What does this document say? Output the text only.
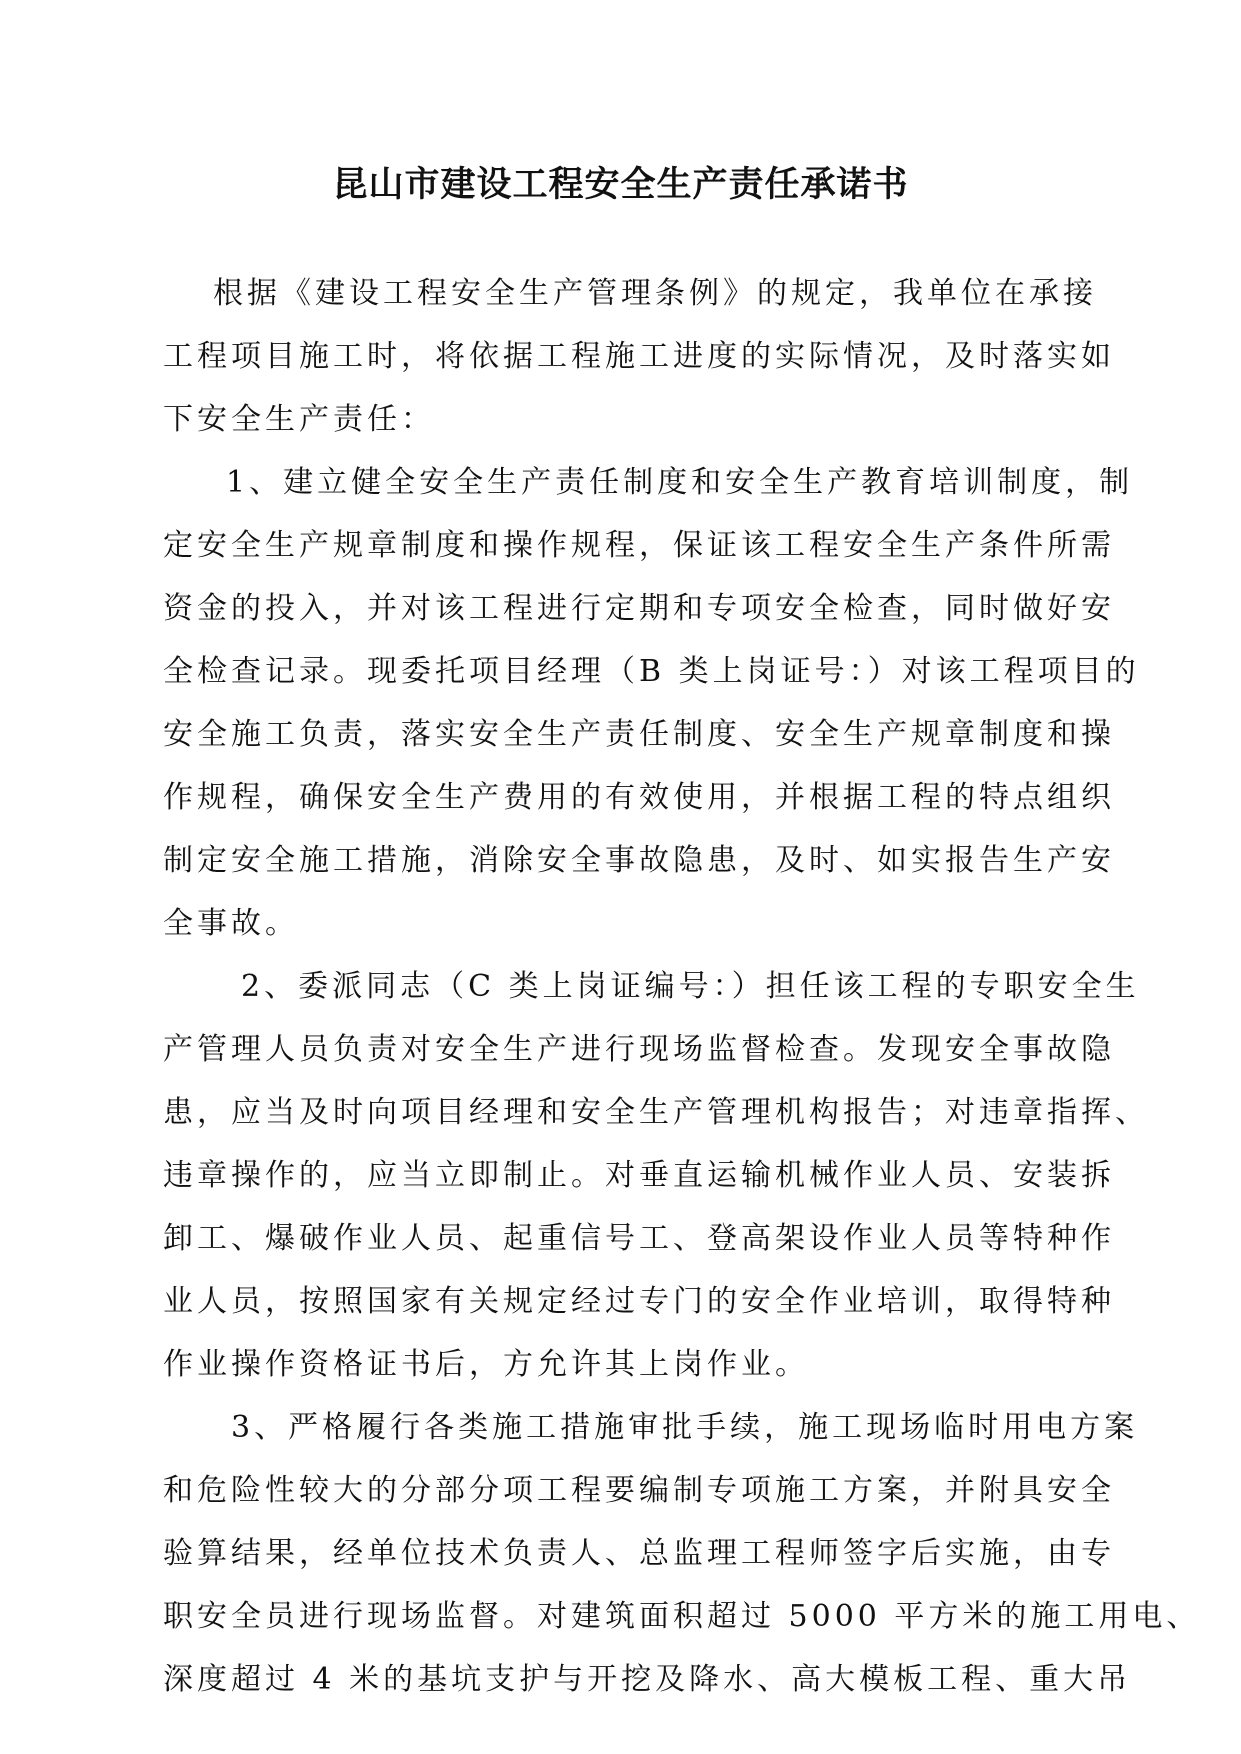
昆山市建设工程安全生产责任承诺书
根据《建设工程安全生产管理条例》的规定，我单位在承接
工程项目施工时，将依据工程施工进度的实际情况，及时落实如
下安全生产责任：
1、建立健全安全生产责任制度和安全生产教育培训制度，制
定安全生产规章制度和操作规程，保证该工程安全生产条件所需
资金的投入，并对该工程进行定期和专项安全检查，同时做好安
全检查记录。现委托项目经理（B 类上岗证号：）对该工程项目的
安全施工负责，落实安全生产责任制度、安全生产规章制度和操
作规程，确保安全生产费用的有效使用，并根据工程的特点组织
制定安全施工措施，消除安全事故隐患，及时、如实报告生产安
全事故。
2、委派同志（C 类上岗证编号：）担任该工程的专职安全生
产管理人员负责对安全生产进行现场监督检查。发现安全事故隐
患，应当及时向项目经理和安全生产管理机构报告；对违章指挥、
违章操作的，应当立即制止。对垂直运输机械作业人员、安装拆
卸工、爆破作业人员、起重信号工、登高架设作业人员等特种作
业人员，按照国家有关规定经过专门的安全作业培训，取得特种
作业操作资格证书后，方允许其上岗作业。
3、严格履行各类施工措施审批手续，施工现场临时用电方案
和危险性较大的分部分项工程要编制专项施工方案，并附具安全
验算结果，经单位技术负责人、总监理工程师签字后实施，由专
职安全员进行现场监督。对建筑面积超过 5000 平方米的施工用电、
深度超过 4 米的基坑支护与开挖及降水、高大模板工程、重大吊
